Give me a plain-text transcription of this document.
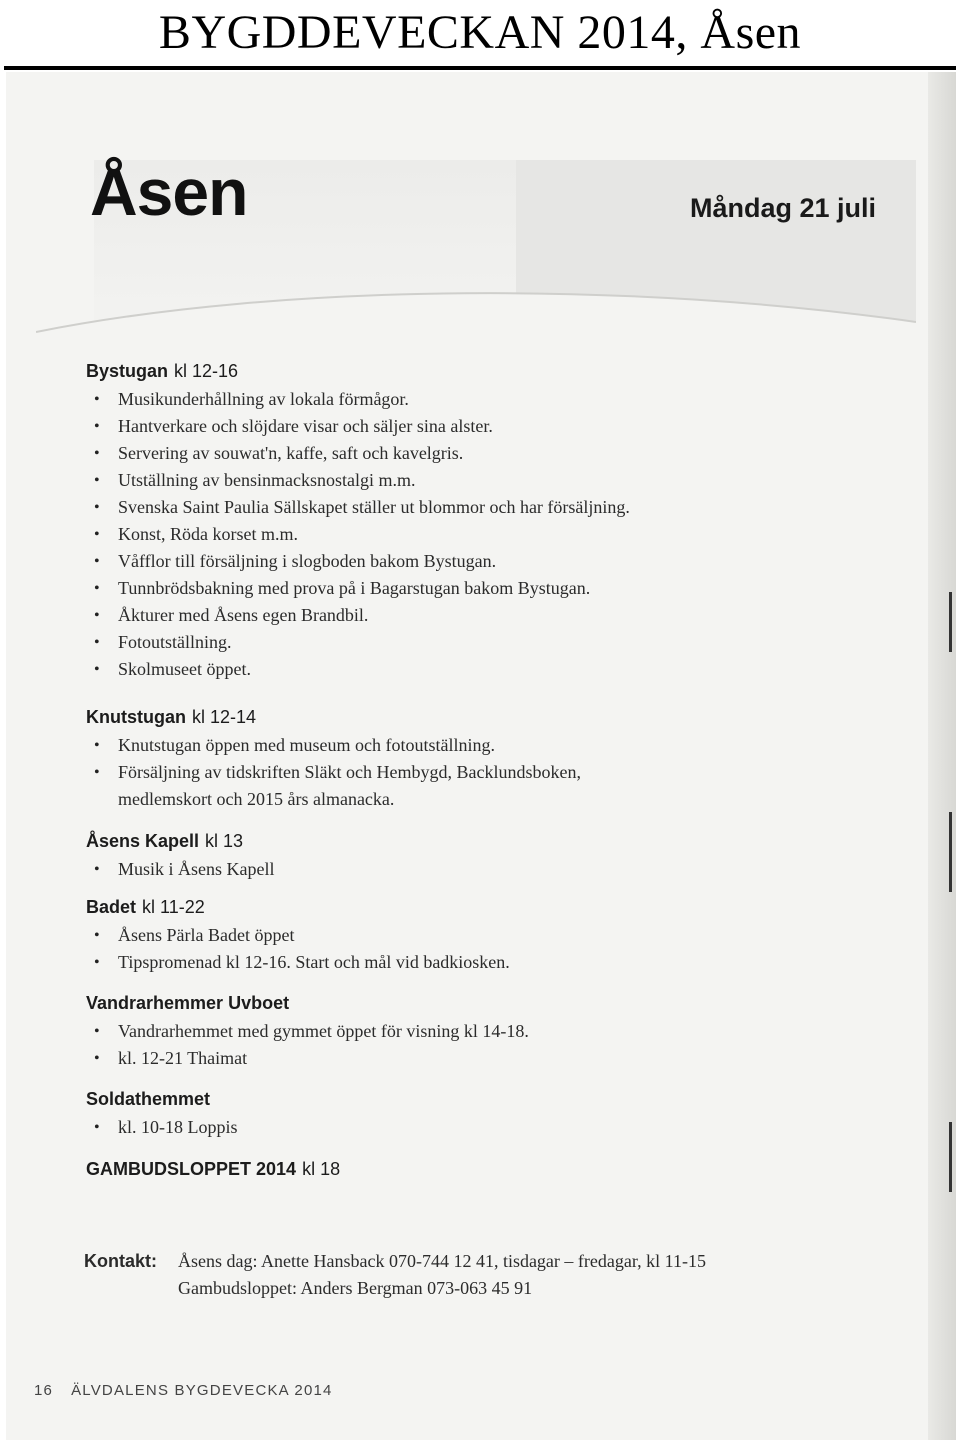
BYGDDEVECKAN 2014, Åsen
Åsen	Måndag 21 juli
Bystugan kl 12-16
• Musikunderhållning av lokala förmågor.
• Hantverkare och slöjdare visar och säljer sina alster.
• Servering av souwat'n, kaffe, saft och kavelgris.
• Utställning av bensinmacksnostalgi m.m.
• Svenska Saint Paulia Sällskapet ställer ut blommor och har försäljning.
• Konst, Röda korset m.m.
• Våfflor till försäljning i slogboden bakom Bystugan.
• Tunnbrödsbakning med prova på i Bagarstugan bakom Bystugan.
• Åkturer med Åsens egen Brandbil.
• Fotoutställning.
• Skolmuseet öppet.
Knutstugan kl 12-14
• Knutstugan öppen med museum och fotoutställning.
• Försäljning av tidskriften Släkt och Hembygd, Backlundsboken,
medlemskort och 2015 års almanacka.
Åsens Kapell kl 13
• Musik i Åsens Kapell
Badet kl 11-22
• Åsens Pärla Badet öppet
• Tipspromenad kl 12-16. Start och mål vid badkiosken.
Vandrarhemmer Uvboet
• Vandrarhemmet med gymmet öppet för visning kl 14-18.
• kl. 12-21 Thaimat
Soldathemmet
• kl. 10-18 Loppis
GAMBUDSLOPPET 2014 kl 18
Kontakt: Åsens dag: Anette Hansback 070-744 12 41, tisdagar – fredagar, kl 11-15
Gambudsloppet: Anders Bergman 073-063 45 91
16 ÄLVDALENS BYGDEVECKA 2014
